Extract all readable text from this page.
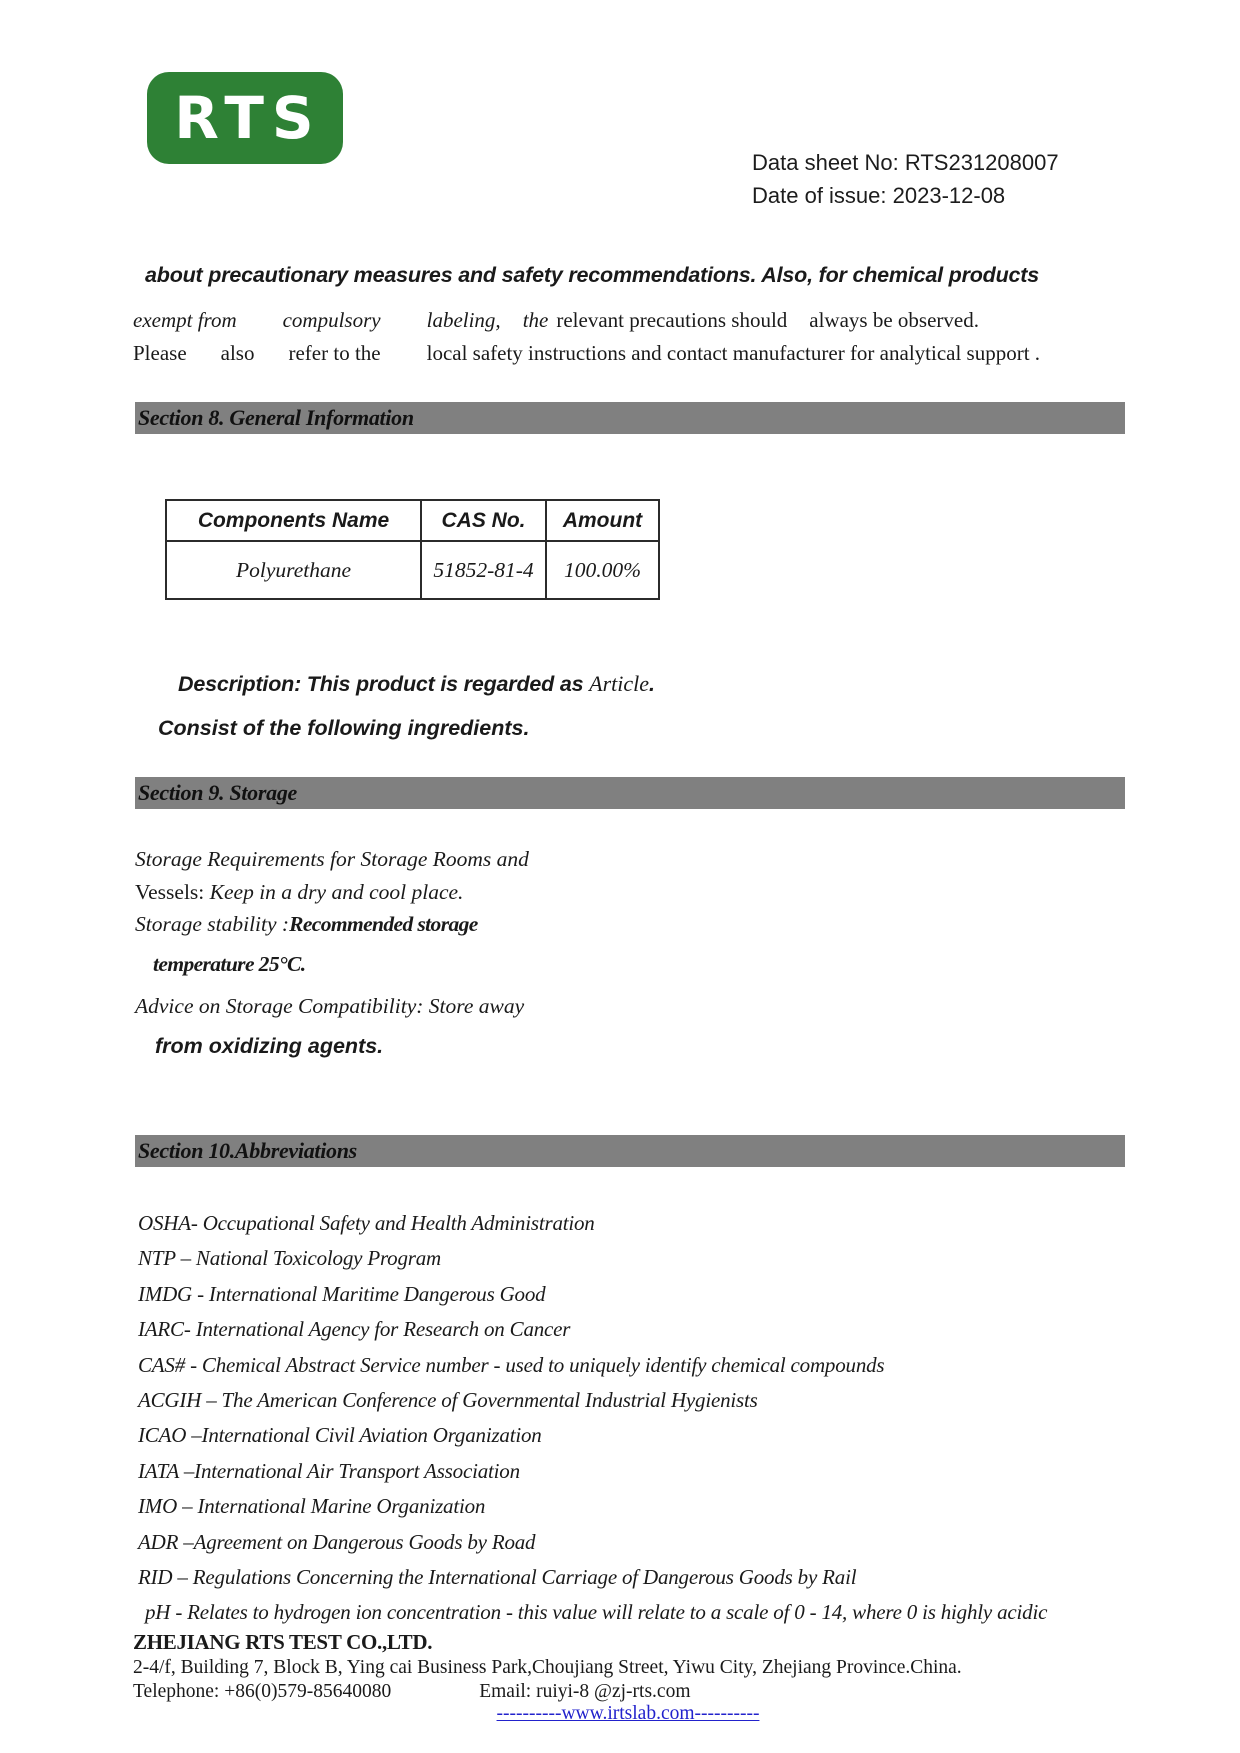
RTS
Data sheet No: RTS231208007
Date of issue: 2023-12-08
about precautionary measures and safety recommendations. Also, for chemical products
exempt from compulsory labeling, the relevant precautions should always be observed.
Please also refer to the local safety instructions and contact manufacturer for analytical support .
Section 8. General Information
Components Name	CAS No.	Amount
Polyurethane	51852-81-4	100.00%
Description: This product is regarded as Article.
Consist of the following ingredients.
Section 9. Storage
Storage Requirements for Storage Rooms and
Vessels: Keep in a dry and cool place.
Storage stability :Recommended storage
temperature 25°C.
Advice on Storage Compatibility: Store away
from oxidizing agents.
Section 10.Abbreviations
OSHA- Occupational Safety and Health Administration
NTP – National Toxicology Program
IMDG - International Maritime Dangerous Good
IARC- International Agency for Research on Cancer
CAS# - Chemical Abstract Service number - used to uniquely identify chemical compounds
ACGIH – The American Conference of Governmental Industrial Hygienists
ICAO –International Civil Aviation Organization
IATA –International Air Transport Association
IMO – International Marine Organization
ADR –Agreement on Dangerous Goods by Road
RID – Regulations Concerning the International Carriage of Dangerous Goods by Rail
pH - Relates to hydrogen ion concentration - this value will relate to a scale of 0 - 14, where 0 is highly acidic
ZHEJIANG RTS TEST CO.,LTD.
2-4/f, Building 7, Block B, Ying cai Business Park,Choujiang Street, Yiwu City, Zhejiang Province.China.
Telephone: +86(0)579-85640080	Email: ruiyi-8 @zj-rts.com
----------www.irtslab.com----------
